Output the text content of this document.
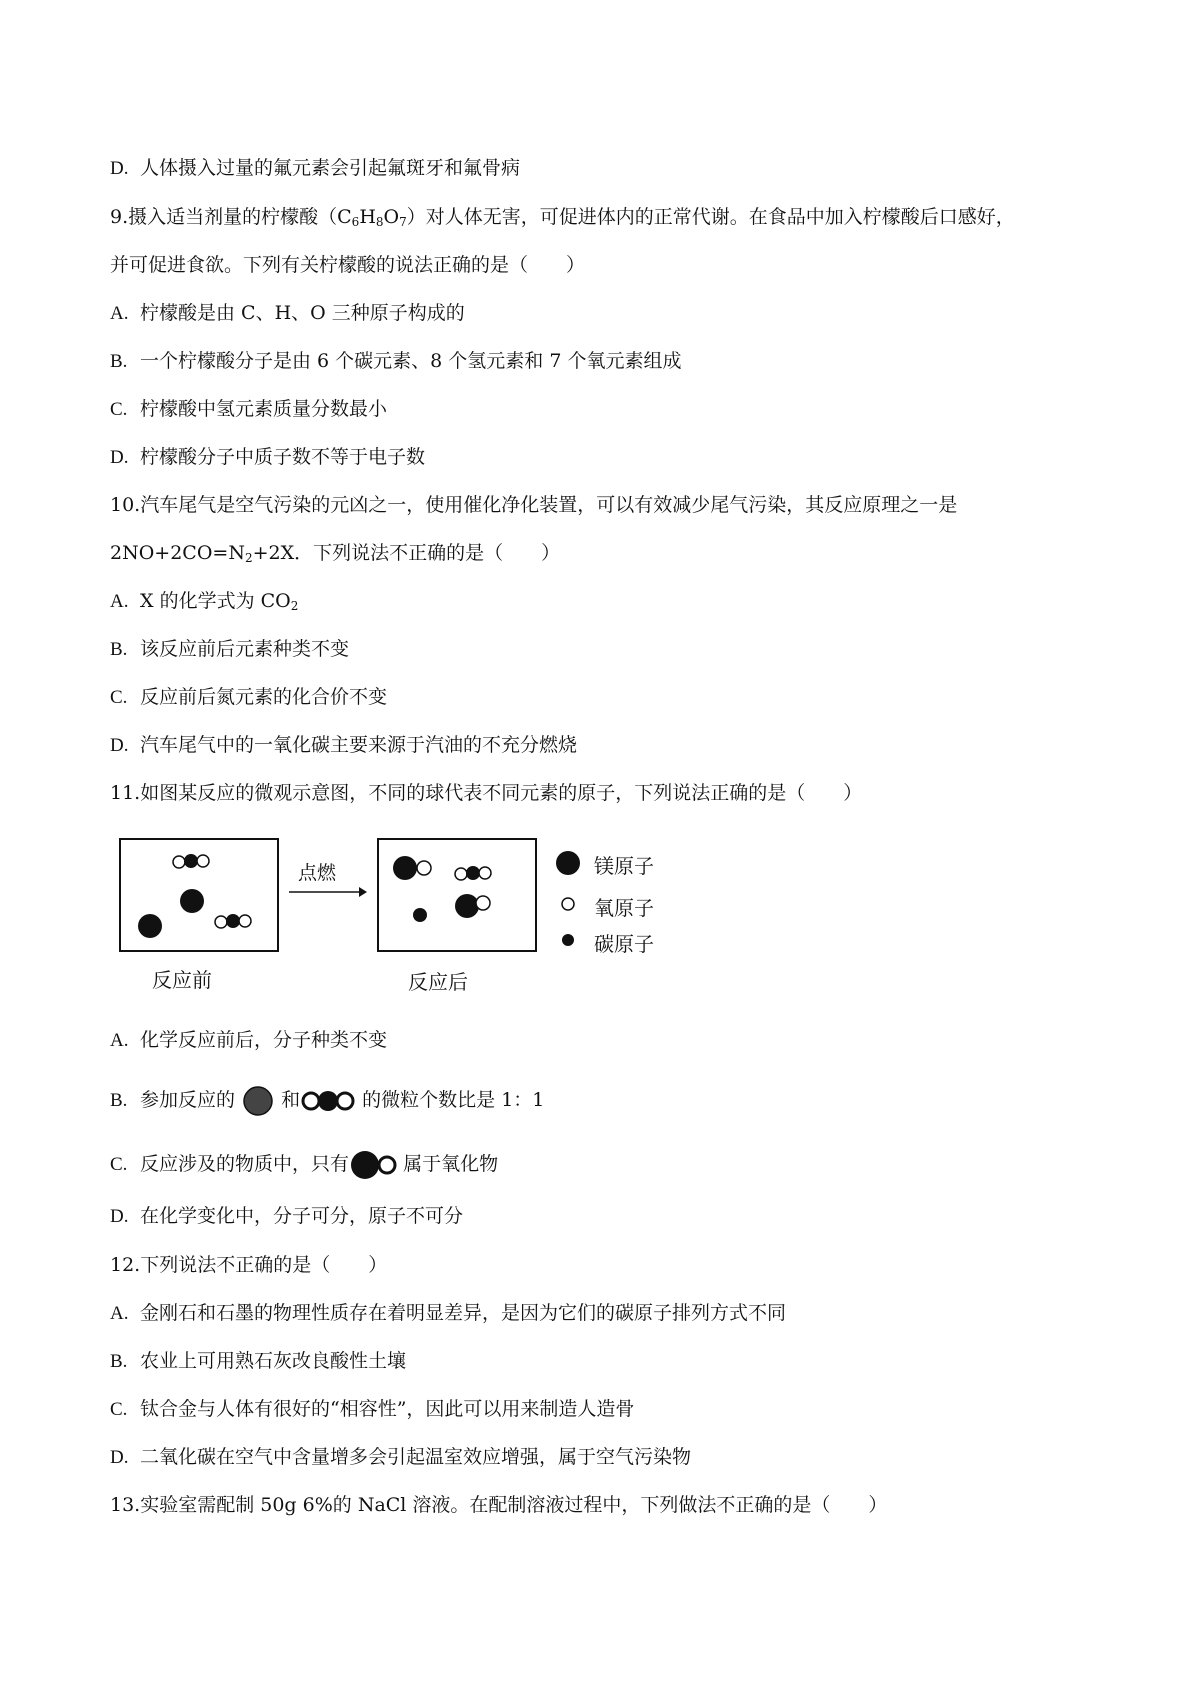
D. 人体摄入过量的氟元素会引起氟斑牙和氟骨病
9.摄入适当剂量的柠檬酸$(C_6H_8O_7)$对人体无害，可促进体内的正常代谢。在食品中加入柠檬酸后口感好，
并可促进食欲。下列有关柠檬酸的说法正确的是（　　）
A. 柠檬酸是由 C、H、O 三种原子构成的
B. 一个柠檬酸分子是由 6 个碳元素、8 个氢元素和 7 个氧元素组成
C. 柠檬酸中氢元素质量分数最小
D. 柠檬酸分子中质子数不等于电子数
10.汽车尾气是空气污染的元凶之一，使用催化净化装置，可以有效减少尾气污染，其反应原理之一是
$2NO+2CO=N_2+2X$．下列说法不正确的是（　　）
A. X 的化学式为 $CO_2$
B. 该反应前后元素种类不变
C. 反应前后氮元素的化合价不变
D. 汽车尾气中的一氧化碳主要来源于汽油的不充分燃烧
11.如图某反应的微观示意图，不同的球代表不同元素的原子，下列说法正确的是（　　）
反应前
点燃
反应后
镁原子
氧原子
碳原子
A. 化学反应前后，分子种类不变
B. 参加反应的 和	的微粒个数比是 1：1
C. 反应涉及的物质中，只有	属于氧化物
D. 在化学变化中，分子可分，原子不可分
12.下列说法不正确的是（　　）
A. 金刚石和石墨的物理性质存在着明显差异，是因为它们的碳原子排列方式不同
B. 农业上可用熟石灰改良酸性土壤
C. 钛合金与人体有很好的“相容性”，因此可以用来制造人造骨
D. 二氧化碳在空气中含量增多会引起温室效应增强，属于空气污染物
13.实验室需配制 50g 6%的 NaCl 溶液。在配制溶液过程中，下列做法不正确的是（　　）
